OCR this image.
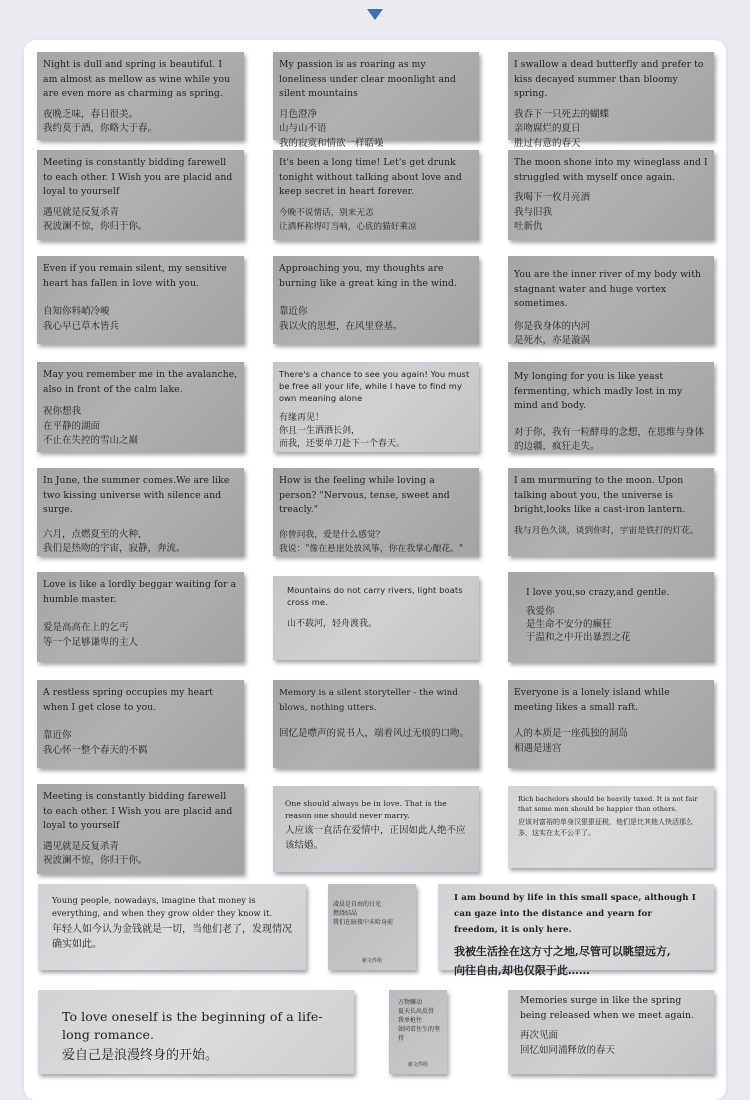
Night is dull and spring is beautiful. I am almost as mellow as wine while you are even more as charming as spring.

夜晚乏味，春日很美。
我约莫于酒，你略大于春。

My passion is as roaring as my loneliness under clear moonlight and silent mountains

月色澄净
山与山不语
我的寂寞和情欲一样聒噪

I swallow a dead butterfly and prefer to kiss decayed summer than bloomy spring.

我吞下一只死去的蝴蝶
亲吻腐烂的夏日
胜过有意的春天

Meeting is constantly bidding farewell to each other. I Wish you are placid and loyal to yourself

遇见就是反复杀青
祝波澜不惊，你归于你。

It's been a long time! Let's get drunk tonight without talking about love and keep secret in heart forever.

今晚不说情话，别来无恙
让酒杯称得叮当响，心底的猫好乘凉

The moon shone into my wineglass and I struggled with myself once again.

我喝下一枚月亮酒
我与旧我
吐新仇

Even if you remain silent, my sensitive heart has fallen in love with you.

自知你料峭冷峻
我心早已草木皆兵

Approaching you, my thoughts are burning like a great king in the wind.

靠近你
我以火的思想，在风里登基。

You are the inner river of my body with stagnant water and huge vortex sometimes.

你是我身体的内河
是死水，亦是漩涡

May you remember me in the avalanche, also in front of the calm lake.

祝你想我
在平静的湖面
不止在失控的雪山之巅

There's a chance to see you again! You must be free all your life, while I have to find my own meaning alone

有缘再见！
你且一生洒洒长剑，
而我，还要单刀赴下一个春天。

My longing for you is like yeast fermenting, which madly lost in my mind and body.

对于你，我有一粒酵母的念想，在思维与身体的边疆，疯狂走失。

In June, the summer comes.We are like two kissing universe with silence and surge.

六月，点燃夏至的火种，
我们是热吻的宇宙，寂静，奔流。

How is the feeling while loving a person? "Nervous, tense, sweet and treacly."

你曾问我，爱是什么感觉？
我说："像在悬崖处放风筝，你在我掌心酿花。"

I am murmuring to the moon. Upon talking about you, the universe is bright,looks like a cast-iron lantern.

我与月色久谈，谈到你时，宇宙是铁打的灯花。

Love is like a lordly beggar waiting for a humble master.

爱是高高在上的乞丐
等一个足够谦卑的主人

Mountains do not carry rivers, light boats cross me.

山不载河，轻舟渡我。

I love you,so crazy,and gentle.

我爱你
是生命不安分的癫狂
于温和之中开出暴烈之花

A restless spring occupies my heart when I get close to you.

靠近你
我心怀一整个春天的不羁

Memory is a silent storyteller - the wind blows, nothing utters.

回忆是噤声的说书人，端着风过无痕的口吻。

Everyone is a lonely island while meeting likes a small raft.

人的本质是一座孤独的洞岛
相遇是迷宫

Meeting is constantly bidding farewell to each other. I Wish you are placid and loyal to yourself

遇见就是反复杀青
祝波澜不惊，你归于你。

One should always be in love. That is the reason one should never marry.

人应该一直活在爱情中，正因如此人绝不应该结婚。

Rich bachelors should be heavily taxed. It is not fair that some men should be happier than others.

应该对富裕的单身汉狠狠征税，他们是比其他人快活那么多，这实在太不公平了。

Young people, nowadays, imagine that money is everything, and when they grow older they know it.

年轻人如今认为金钱就是一切，当他们老了，发现情况确实如此。

凌晨是自由的日光
燃烧结晶
我们在暗夜中未哈身前

新文件组

I am bound by life in this small space, although I can gaze into the distance and yearn for freedom, it is only here.

我被生活拴在这方寸之地,尽管可以眺望远方,
向往自由,却也仅限于此……

To love oneself is the beginning of a life-long romance.

爱自己是浪漫终身的开始。

万物骤动
夏天长出反骨
我单枪往
如同看住生的坚持

新文件组

Memories surge in like the spring being released when we meet again.

再次见面
回忆如同浦释放的春天
